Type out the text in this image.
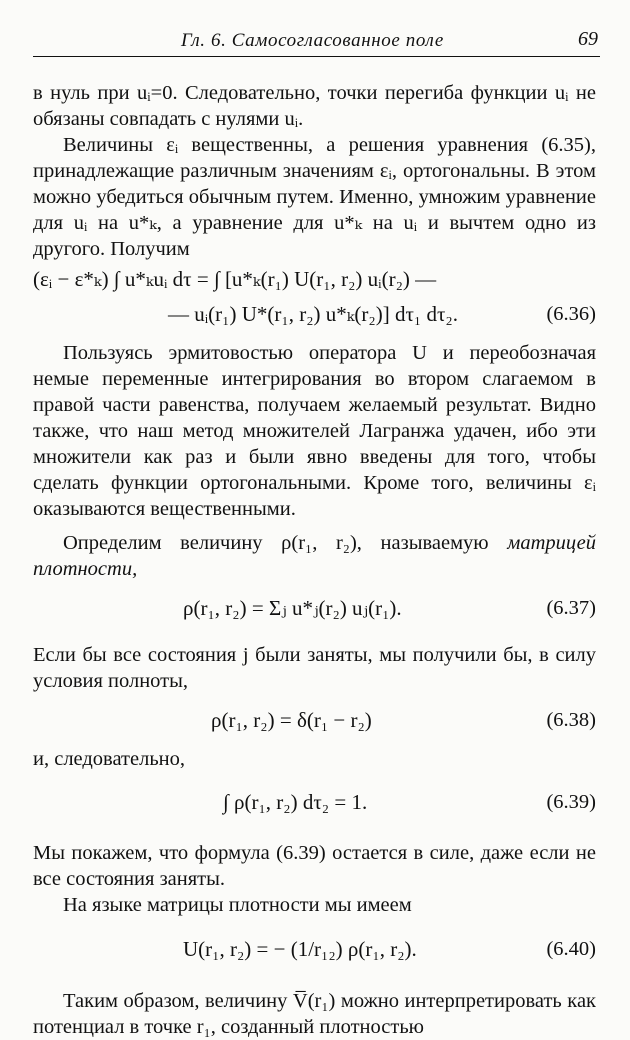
Гл. 6. Самосогласованное поле	69

в нуль при uᵢ=0. Следовательно, точки перегиба функции uᵢ не обязаны совпадать с нулями uᵢ.

Величины εᵢ вещественны, а решения уравнения (6.35), принадлежащие различным значениям εᵢ, ортогональны. В этом можно убедиться обычным путем. Именно, умножим уравнение для uᵢ на u*ₖ, а уравнение для u*ₖ на uᵢ и вычтем одно из другого. Получим

(εᵢ − ε*ₖ) ∫ u*ₖuᵢ dτ = ∫ [u*ₖ(r₁) U(r₁, r₂) uᵢ(r₂) —
— uᵢ(r₁) U*(r₁, r₂) u*ₖ(r₂)] dτ₁ dτ₂.	(6.36)

Пользуясь эрмитовостью оператора U и переобозначая немые переменные интегрирования во втором слагаемом в правой части равенства, получаем желаемый результат. Видно также, что наш метод множителей Лагранжа удачен, ибо эти множители как раз и были явно введены для того, чтобы сделать функции ортогональными. Кроме того, величины εᵢ оказываются вещественными.

Определим величину ρ(r₁, r₂), называемую матрицей плотности,

ρ(r₁, r₂) = Σⱼ u*ⱼ(r₂) uⱼ(r₁).	(6.37)

Если бы все состояния j были заняты, мы получили бы, в силу условия полноты,

ρ(r₁, r₂) = δ(r₁ − r₂)	(6.38)

и, следовательно,

∫ ρ(r₁, r₂) dτ₂ = 1.	(6.39)

Мы покажем, что формула (6.39) остается в силе, даже если не все состояния заняты.

На языке матрицы плотности мы имеем

U(r₁, r₂) = − (1/r₁₂) ρ(r₁, r₂).	(6.40)

Таким образом, величину V̅(r₁) можно интерпретировать как потенциал в точке r₁, созданный плотностью
